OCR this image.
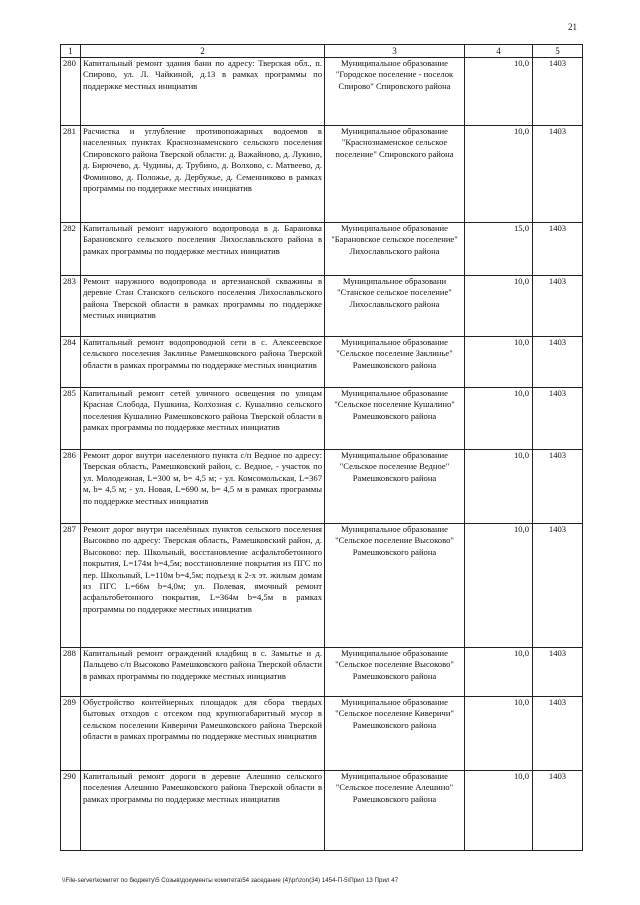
21
1	2	3	4	5
280	Капитальный ремонт здания бани по адресу: Тверская обл., п. Спирово, ул. Л. Чайкиной, д.13 в рамках программы по поддержке местных инициатив	Муниципальное образование "Городское поселение - поселок Спирово" Спировского района	10,0	1403
281	Расчистка и углубление противопожарных водоемов в населенных пунктах Краснознаменского сельского поселения Спировского района Тверской области: д. Важайново, д. Лукино, д. Бирючево, д. Чудины, д. Трубино, д. Волхово, с. Матвеево, д. Фоминово, д. Положье, д. Дербужье, д. Семенниково в рамках программы по поддержке местных инициатив	Муниципальное образование "Краснознаменское сельское поселение" Спировского района	10,0	1403
282	Капитальный ремонт наружного водопровода в д. Барановка Барановского сельского поселения Лихославльского района в рамках программы по поддержке местных инициатив	Муниципальное образование "Барановское сельское поселение" Лихославльского района	15,0	1403
283	Ремонт наружного водопровода и артезианской скважины в деревне Стан Станского сельского поселения Лихославльского района Тверской области в рамках программы по поддержке местных инициатив	Муниципальное образовани "Станское сельское поселение" Лихославльского района	10,0	1403
284	Капитальный ремонт водопроводной сети в с. Алексеевское сельского поселения Заклинье Рамешковского района Тверской области в рамках программы по поддержке местных инициатив	Муниципальное образование "Сельское поселение Заклинье" Рамешковского района	10,0	1403
285	Капитальный ремонт сетей уличного освещения по улицам Красная Слобода, Пушкина, Колхозная с. Кушалино сельского поселения Кушалино Рамешковского района Тверской области в рамках программы по поддержке местных инициатив	Муниципальное образование "Сельское поселение Кушалино" Рамешковского района	10,0	1403
286	Ремонт дорог внутри населенного пункта с/п Ведное по адресу: Тверская область, Рамешковский район, с. Ведное, - участок по ул. Молодежная, L=300 м, b= 4,5 м; - ул. Комсомольская, L=367 м, b= 4,5 м; - ул. Новая, L=690 м, b= 4,5 м в рамках программы по поддержке местных инициатив	Муниципальное образование "Сельское поселение Ведное" Рамешковского района	10,0	1403
287	Ремонт дорог внутри населённых пунктов сельского поселения Высоково по адресу: Тверская область, Рамешковский район, д. Высоково: пер. Школьный, восстановление асфальтобетонного покрытия, L=174м b=4,5м; восстановление покрытия из ПГС по пер. Школьный, L=110м b=4,5м; подъезд к 2-х эт. жилым домам из ПГС L=66м b=4,0м; ул. Полевая, ямочный ремонт асфальтобетонного покрытия, L=364м b=4,5м в рамках программы по поддержке местных инициатив	Муниципальное образование "Сельское поселение Высоково" Рамешковского района	10,0	1403
288	Капитальный ремонт ограждений кладбищ в с. Замытье и д. Пальцево с/п Высоково Рамешковского района Тверской области в рамках программы по поддержке местных инициатив	Муниципальное образование "Сельское поселение Высоково" Рамешковского района	10,0	1403
289	Обустройство контейнерных площадок для сбора твердых бытовых отходов с отсеком под крупногабаритный мусор в сельском поселении Киверичи Рамешковского района Тверской области в рамках программы по поддержке местных инициатив	Муниципальное образование "Сельское поселение Киверичи" Рамешковского района	10,0	1403
290	Капитальный ремонт дороги в деревне Алешино сельского поселения Алешино Рамешковского района Тверской области в рамках программы по поддержке местных инициатив	Муниципальное образование "Сельское поселение Алешино" Рамешковского района	10,0	1403
\\File-server\комитет по бюджету\5 Созыв\документы комитета\54 заседание (4)\pr\zon(34) 1454-П-5\Прил 13 Прил 47
